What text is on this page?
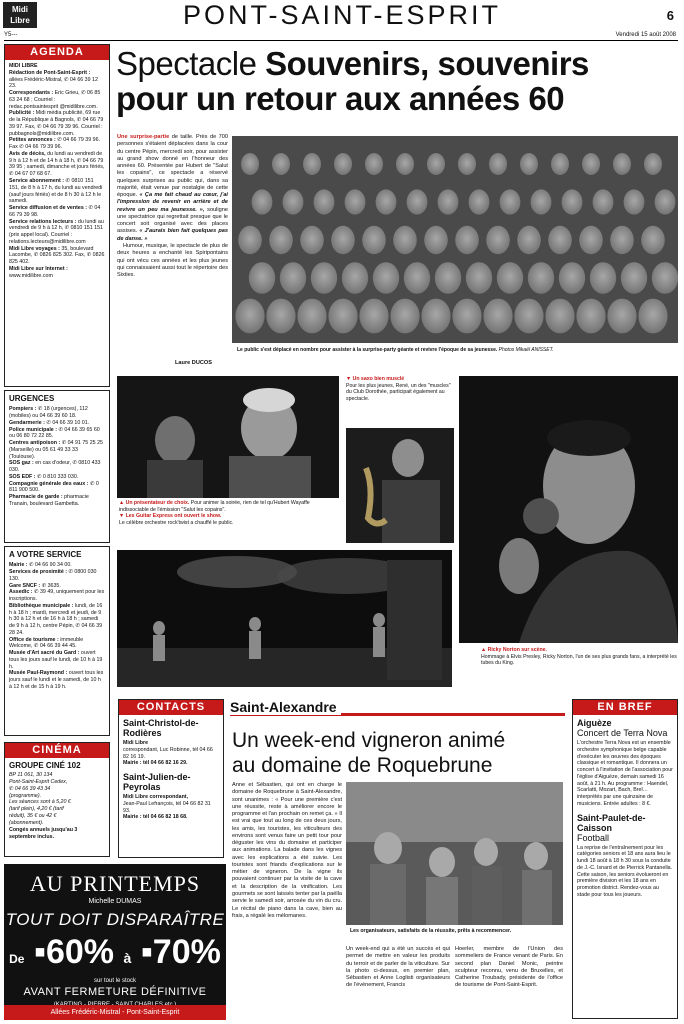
Midi Libre	PONT-SAINT-ESPRIT	6
Y5---	Vendredi 15 août 2008
AGENDA
MIDI LIBRE
Rédaction de Pont-Saint-Esprit : allées Frédéric-Mistral, ✆ 04 66 39 12 23.
Correspondants : Eric Grieu, ✆ 06 85 63 24 68 ; Courriel : redac.pontsaintesprit @midilibre.com.
Publicité : Midi média publicité, 69 rue de la République à Bagnols, ✆ 04 66 79 39 97. Fax, ✆ 04 66 79 39 96. Courriel : pubbagnols@midilibre.com.
Petites annonces : ✆ 04 66 79 39 96. Fax ✆ 04 66 79 39 96.
Avis de décès, du lundi au vendredi de 9 h à 12 h et de 14 h à 18 h, ✆ 04 66 79 39 95 ; samedi, dimanche et jours fériés, ✆ 04 67 07 68 67.
Service abonnement : ✆ 0810 151 151, de 8 h à 17 h, du lundi au vendredi (sauf jours fériés) et de 8 h 30 à 12 h le samedi.
Service diffusion et de ventes : ✆ 04 66 79 39 98.
Service relations lecteurs : du lundi au vendredi de 9 h à 12 h, ✆ 0810 151 151 (prix appel local). Courriel : relations.lecteurs@midilibre.com
Midi Libre voyages : 35, boulevard Lacombe, ✆ 0826 825 302. Fax, ✆ 0826 825 402.
Midi Libre sur Internet : www.midilibre.com
URGENCES
Pompiers : ✆ 18 (urgences), 112 (mobiles) ou 04 66 39 60 18.
Gendarmerie : ✆ 04 66 39 10 01.
Police municipale : ✆ 04 66 39 65 60 ou 06 80 72 22 85.
Centres antipoison : ✆ 04 91 75 25 25 (Marseille) ou 05 61 49 33 33 (Toulouse).
SOS gaz : en cas d'odeur, ✆ 0810 433 030.
SOS EDF : ✆ 0 810 333 030.
Compagnie générale des eaux : ✆ 0 811 900 500.
Pharmacie de garde : pharmacie Tranain, boulevard Gambetta.
A VOTRE SERVICE
Mairie : ✆ 04 66 90 34 00.
Services de proximité : ✆ 0800 030 130.
Gare SNCF : ✆ 3635.
Assedic : ✆ 39 49, uniquement pour les inscriptions.
Bibliothèque municipale : lundi, de 16 h à 18 h ; mardi, mercredi et jeudi, de 9 h 30 à 12 h et de 16 h à 18 h ; samedi de 9 h à 12 h, centre Pépin, ✆ 04 66 39 28 24.
Office de tourisme : immeuble Welcome, ✆ 04 66 39 44 45.
Musée d'Art sacré du Gard : ouvert tous les jours sauf le lundi, de 10 h à 19 h.
Musée Paul-Raymond : ouvert tous les jours sauf le lundi et le samedi, de 10 h à 12 h et de 15 h à 19 h.
CINÉMA
GROUPE CINÉ 102
BP 11 061, 30 134
Pont-Saint-Esprit Cedex,
✆ 04 66 39 43 34
(programme).
Les séances sont à 5,20 €
(tarif plein), 4,20 € (tarif
réduit), 35 € ou 42 €
(abonnement).
Congés annuels jusqu'au 3 septembre inclus.
AU PRINTEMPS
Michelle DUMAS
TOUT DOIT DISPARAÎTRE
De ▪60% à ▪70%
sur tout le stock
AVANT FERMETURE DÉFINITIVE
Allées Frédéric-Mistral - Pont-Saint-Esprit
Spectacle Souvenirs, souvenirs
pour un retour aux années 60
Une surprise-partie de taille. Près de 700 personnes s'étaient déplacées dans la cour du centre Pépin, mercredi soir, pour assister au grand show donné en l'honneur des années 60. Présentée par Hubert de "Salut les copains", ce spectacle a réservé quelques surprises au public qui, dans sa majorité, était venue par nostalgie de cette époque. « Ça me fait chaud au cœur, j'ai l'impression de revenir en arrière et de revivre un peu ma jeunesse. », souligne une spectatrice qui regrettait presque que le concert soit organisé avec des places assises. « J'aurais bien fait quelques pas de danse. »
Humour, musique, le spectacle de plus de deux heures a enchanté les Spiripontains qui ont vécu ces années et les plus jeunes qui connaissaient aussi tout le répertoire des Sixties.
Laure DUCOS
Le public s'est déplacé en nombre pour assister à la surprise-party géante et revivre l'époque de sa jeunesse. Photos Mikaël ANISSET.
▲ Un présentateur de choix. Pour animer la soirée, rien de tel qu'Hubert Wayaffe indissociable de l'émission "Salut les copains".
▼ Les Guitar Express ont ouvert le show.
Le célèbre orchestre rock'twist a chauffé le public.
▼ Un saxo bien musclé
Pour les plus jeunes, René, un des "muscles" du Club Dorothée, participait également au spectacle.
▲ Ricky Norton sur scène.
Hommage à Elvis Presley, Ricky Norton, l'un de ses plus grands fans, a interprété les tubes du King.
CONTACTS
Saint-Christol-de-Rodières
Midi Libre
correspondant, Luc Robinne, tél 04 66 82 16 19.
Mairie : tél 04 66 82 16 29.
Saint-Julien-de-Peyrolas
Midi Libre correspondant,
Jean-Paul Lefrançois, tél 04 66 82 31 93.
Mairie : tél 04 66 82 18 68.
Saint-Alexandre
Un week-end vigneron animé
au domaine de Roquebrune
Anne et Sébastien, qui ont en charge le domaine de Roquebrune à Saint-Alexandre, sont unanimes : « Pour une première c'est une réussite, reste à améliorer encore le programme et l'an prochain on remet ça. » Il est vrai que tout au long de ces deux jours, les amis, les touristes, les viticulteurs des environs sont venus faire un petit tour pour déguster les vins du domaine et participer aux animations. La balade dans les vignes avec les explications a été suivie. Les touristes sont friands d'explications sur le métier de vigneron. De la vigne ils pouvaient continuer par la visite de la cave et la description de la vinification. Les gourmets se sont laissés tenter par la paëlla servie le samedi soir, arrosée du vin du cru. Le récital de piano dans la cave, bien au frais, a régalé les mélomanes.
Les organisateurs, satisfaits de la réussite, prêts à recommencer.
Un week-end qui a été un succès et qui permet de mettre en valeur les produits du terroir et de parler de la viticulture. Sur la photo ci-dessus, en premier plan, Sébastien et Anne Loglisti organisateurs de l'événement, Francis
Hoerler, membre de l'Union des sommeliers de France venant de Paris. En second plan Daniel Monic, peintre sculpteur reconnu, venu de Bruxelles, et Catherine Troubady, présidente de l'office de tourisme de Pont-Saint-Esprit.
EN BREF
Aiguèze
Concert de Terra Nova
L'orchestre Terra Nova est un ensemble orchestre symphonique belge capable d'exécuter les œuvres des époques classique et romantique. Il donnera un concert à l'invitation de l'association pour l'église d'Aiguèze, demain samedi 16 août, à 21 h. Au programme : Haendel, Scarlatti, Mozart, Bach, Brel… interprétés par une quinzaine de musiciens. Entrée adultes : 8 €.
Saint-Paulet-de-Caisson
Football
La reprise de l'entraînement pour les catégories seniors et 18 ans aura lieu le lundi 18 août à 18 h 30 sous la conduite de J.-C. Isnard et de Pierrick Pantanella. Cette saison, les seniors évolueront en première division et les 18 ans en promotion district. Rendez-vous au stade pour tous les joueurs.
